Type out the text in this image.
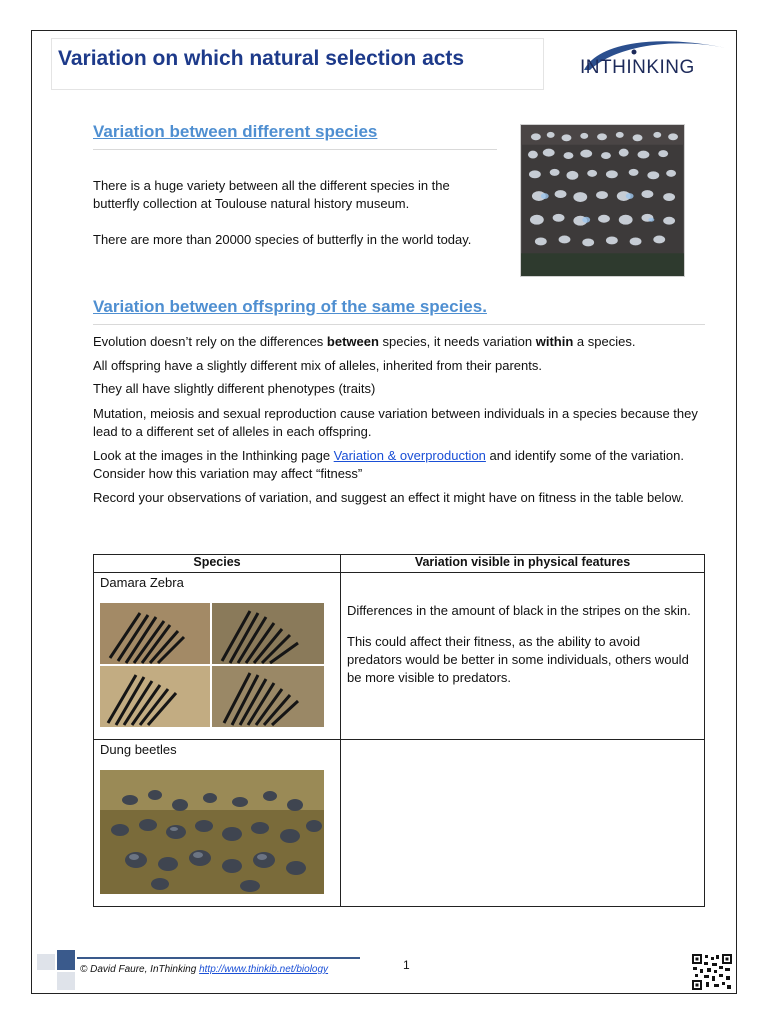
Variation on which natural selection acts	INTHINKING
Variation between different species
There is a huge variety between all the different species in the butterfly collection at Toulouse natural history museum.
There are more than 20000 species of butterfly in the world today.
Variation between offspring of the same species.
Evolution doesn’t rely on the differences between species, it needs variation within a species.
All offspring have a slightly different mix of alleles, inherited from their parents.
They all have slightly different phenotypes (traits)
Mutation, meiosis and sexual reproduction cause variation between individuals in a species because they lead to a different set of alleles in each offspring.
Look at the images in the Inthinking page Variation & overproduction and identify some of the variation. Consider how this variation may affect “fitness”
Record your observations of variation, and suggest an effect it might have on fitness in the table below.
Species	Variation visible in physical features

Damara Zebra	Differences in the amount of black in the stripes on the skin.
This could affect their fitness, as the ability to avoid predators would be better in some individuals, others would be more visible to predators.

Dung beetles	

© David Faure, InThinking http://www.thinkib.net/biology	1
